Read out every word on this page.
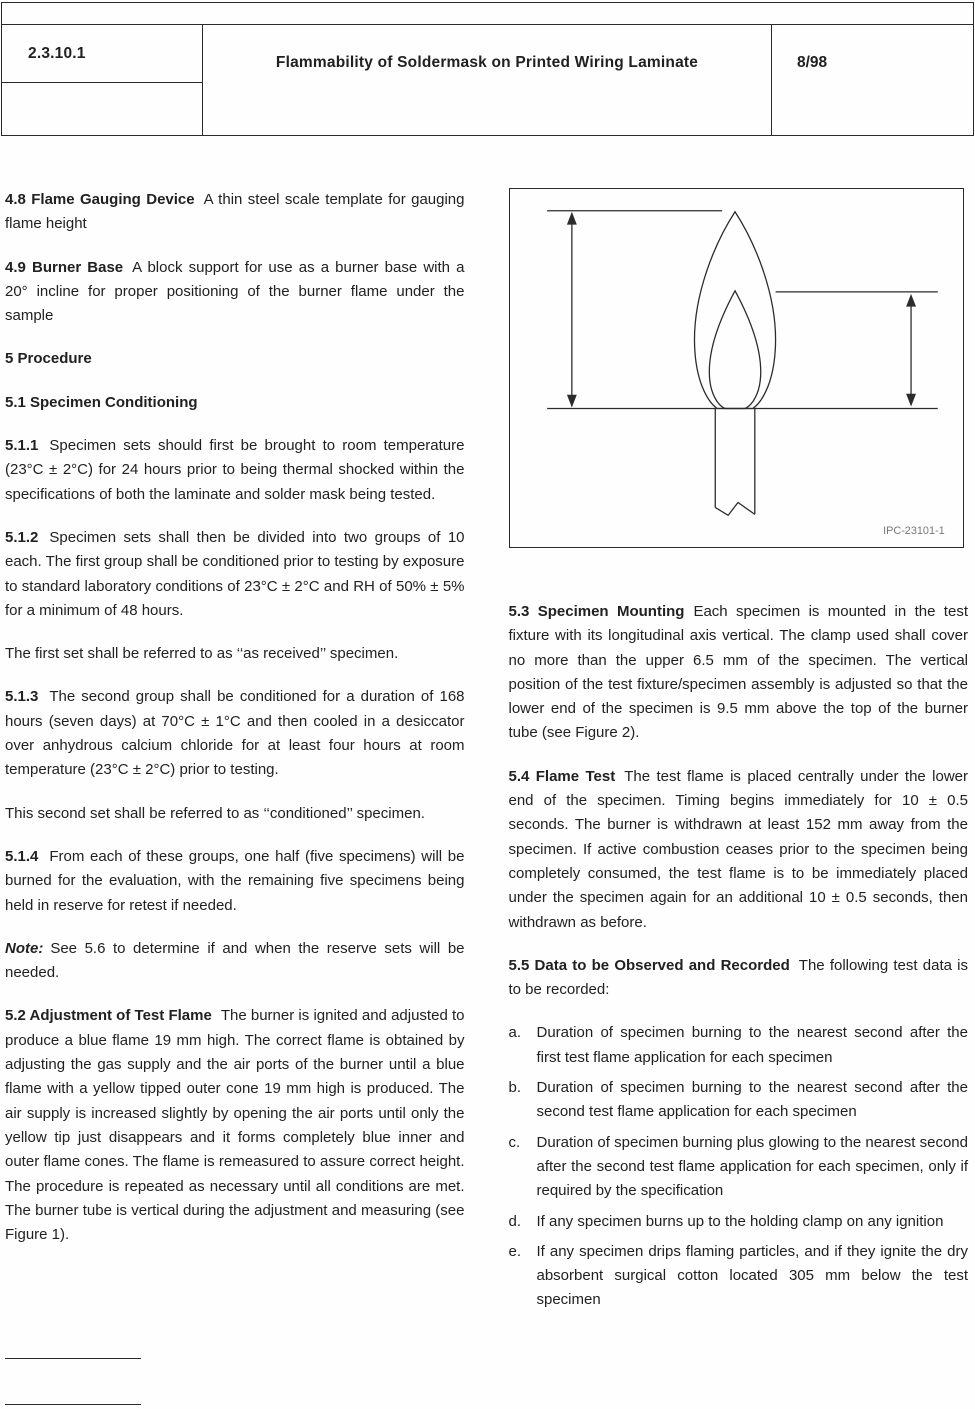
2.3.10.1
Flammability of Soldermask on Printed Wiring Laminate	8/98

4.8 Flame Gauging Device A thin steel scale template for gauging flame height

4.9 Burner Base A block support for use as a burner base with a 20° incline for proper positioning of the burner flame under the sample

5 Procedure
5.1 Specimen Conditioning

5.1.1 Specimen sets should first be brought to room temperature (23°C ± 2°C) for 24 hours prior to being thermal shocked within the specifications of both the laminate and solder mask being tested.

5.1.2 Specimen sets shall then be divided into two groups of 10 each. The first group shall be conditioned prior to testing by exposure to standard laboratory conditions of 23°C ± 2°C and RH of 50% ± 5% for a minimum of 48 hours.

The first set shall be referred to as ‘‘as received’’ specimen.

5.1.3 The second group shall be conditioned for a duration of 168 hours (seven days) at 70°C ± 1°C and then cooled in a desiccator over anhydrous calcium chloride for at least four hours at room temperature (23°C ± 2°C) prior to testing.

This second set shall be referred to as ‘‘conditioned’’ specimen.

5.1.4 From each of these groups, one half (five specimens) will be burned for the evaluation, with the remaining five specimens being held in reserve for retest if needed.

Note: See 5.6 to determine if and when the reserve sets will be needed.

5.2 Adjustment of Test Flame The burner is ignited and adjusted to produce a blue flame 19 mm high. The correct flame is obtained by adjusting the gas supply and the air ports of the burner until a blue flame with a yellow tipped outer cone 19 mm high is produced. The air supply is increased slightly by opening the air ports until only the yellow tip just disappears and it forms completely blue inner and outer flame cones. The flame is remeasured to assure correct height. The procedure is repeated as necessary until all conditions are met. The burner tube is vertical during the adjustment and measuring (see Figure 1).

IPC-23101-1

5.3 Specimen Mounting Each specimen is mounted in the test fixture with its longitudinal axis vertical. The clamp used shall cover no more than the upper 6.5 mm of the specimen. The vertical position of the test fixture/specimen assembly is adjusted so that the lower end of the specimen is 9.5 mm above the top of the burner tube (see Figure 2).

5.4 Flame Test The test flame is placed centrally under the lower end of the specimen. Timing begins immediately for 10 ± 0.5 seconds. The burner is withdrawn at least 152 mm away from the specimen. If active combustion ceases prior to the specimen being completely consumed, the test flame is to be immediately placed under the specimen again for an additional 10 ± 0.5 seconds, then withdrawn as before.

5.5 Data to be Observed and Recorded The following test data is to be recorded:

a. Duration of specimen burning to the nearest second after the first test flame application for each specimen
b. Duration of specimen burning to the nearest second after the second test flame application for each specimen
c. Duration of specimen burning plus glowing to the nearest second after the second test flame application for each specimen, only if required by the specification
d. If any specimen burns up to the holding clamp on any ignition
e. If any specimen drips flaming particles, and if they ignite the dry absorbent surgical cotton located 305 mm below the test specimen
